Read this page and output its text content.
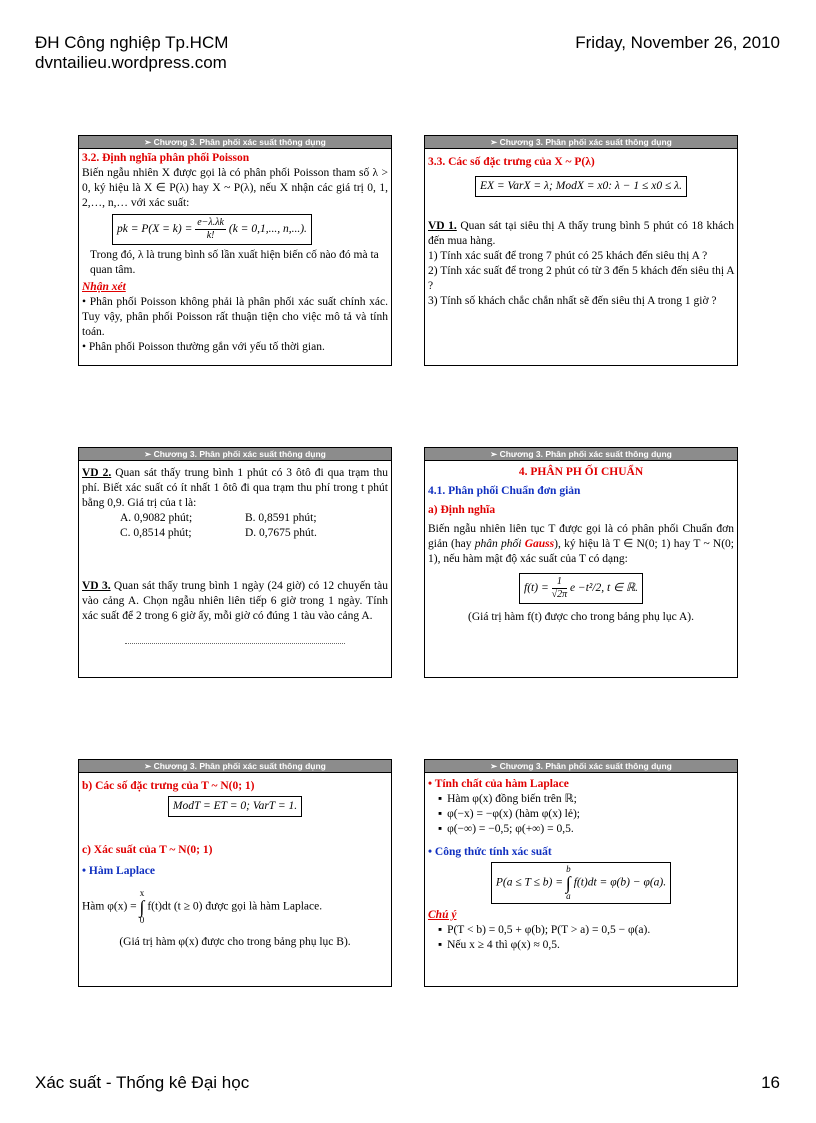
ĐH Công nghiệp Tp.HCM
dvntailieu.wordpress.com
Friday, November 26, 2010
➢ Chương 3. Phân phối xác suất thông dụng
3.2. Định nghĩa phân phối Poisson
Biến ngẫu nhiên X được gọi là có phân phối Poisson tham số λ > 0, ký hiệu là X ∈ P(λ) hay X ~ P(λ), nếu X nhận các giá trị 0, 1, 2,…, n,… với xác suất:
pk = $P(X = k) = \frac{e-\lambda.\lambda k}{k!} (k = 0,1$,..., n,...).
Trong đó, λ là trung bình số lần xuất hiện biến cố nào đó mà ta quan tâm.
Nhận xét
• Phân phối Poisson không phải là phân phối xác suất chính xác. Tuy vậy, phân phối Poisson rất thuận tiện cho việc mô tả và tính toán.
• Phân phối Poisson thường gắn với yếu tố thời gian.
➢ Chương 3. Phân phối xác suất thông dụng
3.3. Các số đặc trưng của X ~ P(λ)
EX = VarX = λ; ModX = x0: λ − 1 ≤ x0 ≤ λ.
VD 1. Quan sát tại siêu thị A thấy trung bình 5 phút có 18 khách đến mua hàng.
1) Tính xác suất để trong 7 phút có 25 khách đến siêu thị A ?
2) Tính xác suất để trong 2 phút có từ 3 đến 5 khách đến siêu thị A ?
3) Tính số khách chắc chắn nhất sẽ đến siêu thị A trong 1 giờ ?
➢ Chương 3. Phân phối xác suất thông dụng
VD 2. Quan sát thấy trung bình 1 phút có 3 ôtô đi qua trạm thu phí. Biết xác suất có ít nhất 1 ôtô đi qua trạm thu phí trong t phút bằng 0,9. Giá trị của t là:
A. 0,9082 phút;	B. 0,8591 phút;
C. 0,8514 phút;	D. 0,7675 phút.
VD 3. Quan sát thấy trung bình 1 ngày (24 giờ) có 12 chuyến tàu vào cảng A. Chọn ngẫu nhiên liên tiếp 6 giờ trong 1 ngày. Tính xác suất để 2 trong 6 giờ ấy, mỗi giờ có đúng 1 tàu vào cảng A.
➢ Chương 3. Phân phối xác suất thông dụng
4. PHÂN PH ỐI CHUẨN
4.1. Phân phối Chuẩn đơn giản
a) Định nghĩa
Biến ngẫu nhiên liên tục T được gọi là có phân phối Chuẩn đơn giản (hay phân phối Gauss), ký hiệu là T ∈ N(0; 1) hay T ~ N(0; 1), nếu hàm mật độ xác suất của T có dạng:
$f(t) = \frac{1}{√2\pi}$ e −t²/2, t ∈ ℝ.
(Giá trị hàm f(t) được cho trong bảng phụ lục A).
➢ Chương 3. Phân phối xác suất thông dụng
b) Các số đặc trưng của T ~ N(0; 1)
ModT = ET = 0; VarT = 1.
c) Xác suất của T ~ N(0; 1)
• Hàm Laplace
Hàm φ(x) = x
∫
0 f(t)dt (t ≥ 0) được gọi là hàm Laplace.
(Giá trị hàm φ(x) được cho trong bảng phụ lục B).
➢ Chương 3. Phân phối xác suất thông dụng
• Tính chất của hàm Laplace
▪ Hàm φ(x) đồng biến trên ℝ;
▪ φ(−x) = −φ(x) (hàm φ(x) lẻ);
▪ φ(−∞) = −0,5; φ(+∞) = 0,5.
• Công thức tính xác suất
P(a ≤ T ≤ b) = b
∫
a f(t)dt = φ(b) − φ(a).
Chú ý
▪ P(T < b) = 0,5 + φ(b); P(T > a) = 0,5 − φ(a).
▪ Nếu x ≥ 4 thì φ(x) ≈ 0,5.
Xác suất - Thống kê Đại học	16
